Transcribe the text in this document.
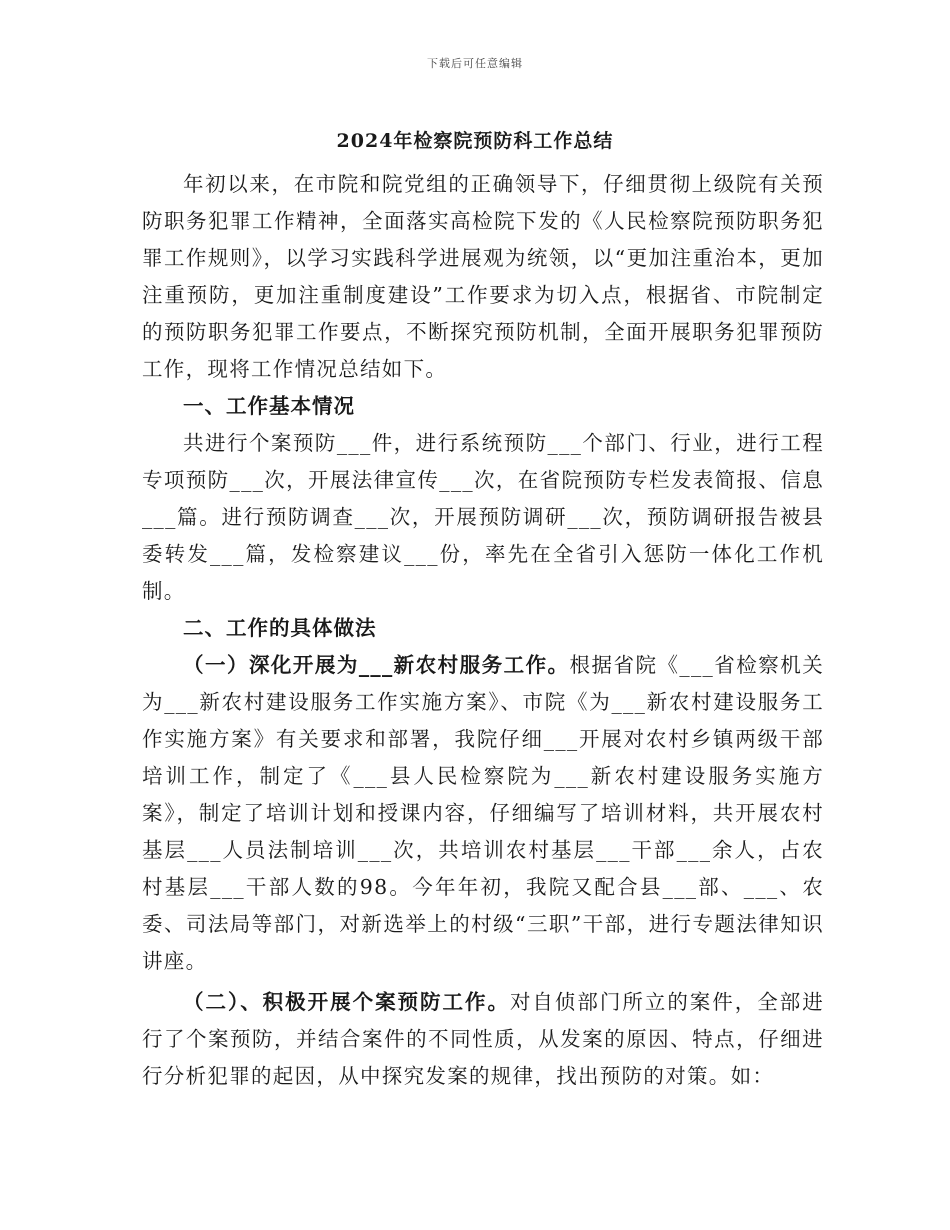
下载后可任意编辑
2024年检察院预防科工作总结

年初以来，在市院和院党组的正确领导下，仔细贯彻上级院有关预防职务犯罪工作精神，全面落实高检院下发的《人民检察院预防职务犯罪工作规则》，以学习实践科学进展观为统领，以“更加注重治本，更加注重预防，更加注重制度建设”工作要求为切入点，根据省、市院制定的预防职务犯罪工作要点，不断探究预防机制，全面开展职务犯罪预防工作，现将工作情况总结如下。

一、工作基本情况

共进行个案预防___件，进行系统预防___个部门、行业，进行工程专项预防___次，开展法律宣传___次，在省院预防专栏发表简报、信息___篇。进行预防调查___次，开展预防调研___次，预防调研报告被县委转发___篇，发检察建议___份，率先在全省引入惩防一体化工作机制。

二、工作的具体做法

（一）深化开展为___新农村服务工作。根据省院《___省检察机关为___新农村建设服务工作实施方案》、市院《为___新农村建设服务工作实施方案》有关要求和部署，我院仔细___开展对农村乡镇两级干部培训工作，制定了《___县人民检察院为___新农村建设服务实施方案》，制定了培训计划和授课内容，仔细编写了培训材料，共开展农村基层___人员法制培训___次，共培训农村基层___干部___余人，占农村基层___干部人数的98。今年年初，我院又配合县___部、___、农委、司法局等部门，对新选举上的村级“三职”干部，进行专题法律知识讲座。

（二）、积极开展个案预防工作。对自侦部门所立的案件，全部进行了个案预防，并结合案件的不同性质，从发案的原因、特点，仔细进行分析犯罪的起因，从中探究发案的规律，找出预防的对策。如：
